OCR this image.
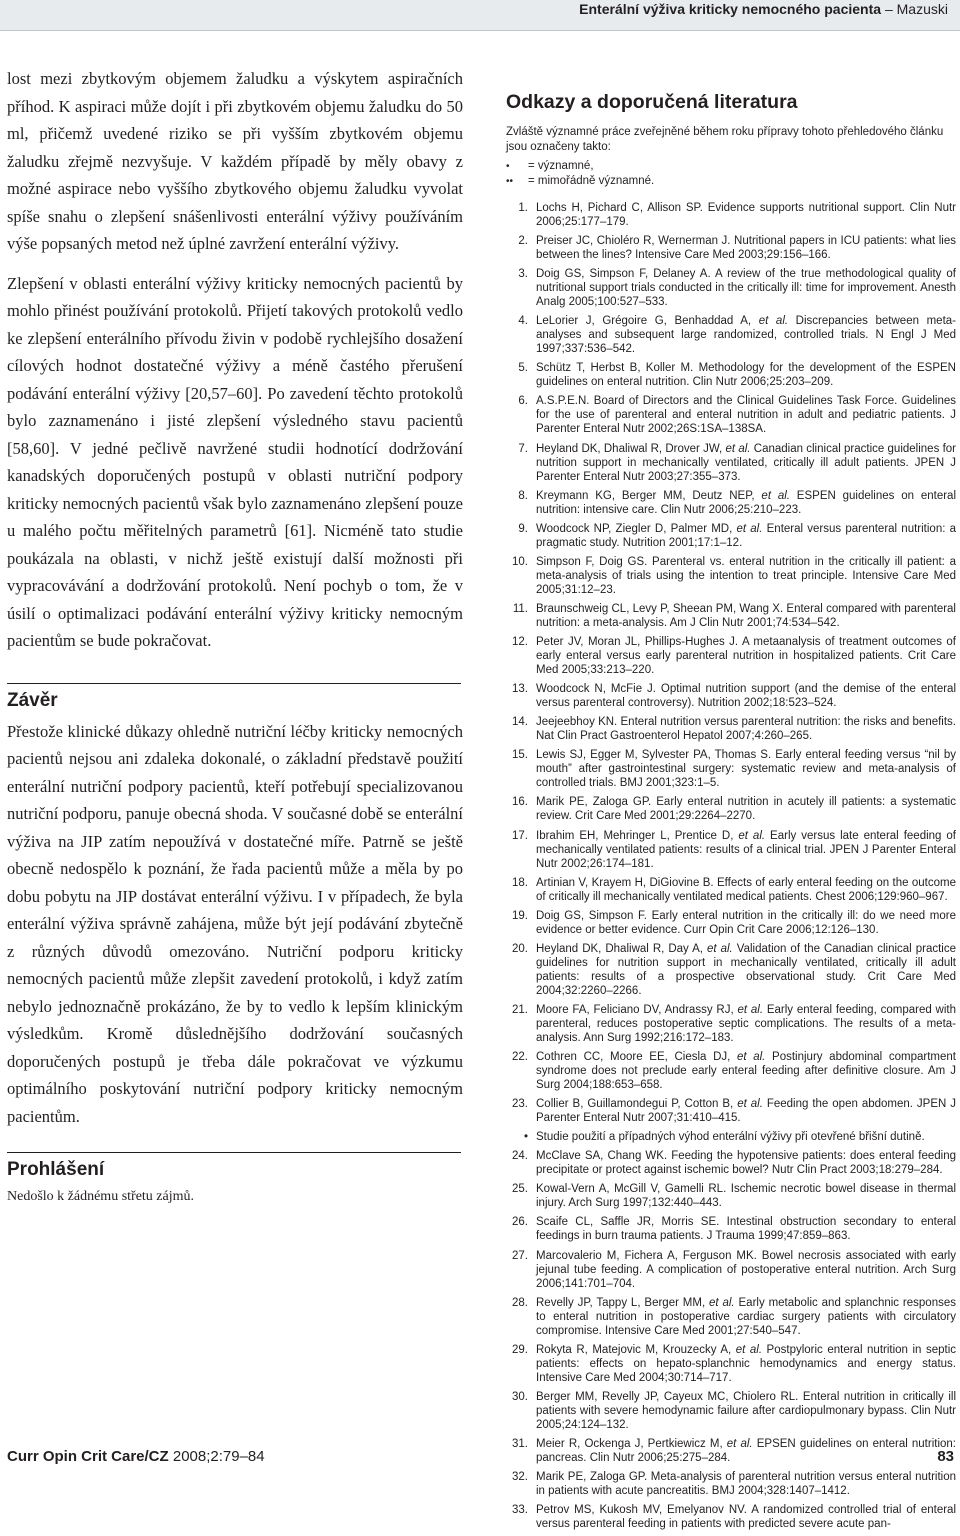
Enterální výživa kriticky nemocného pacienta – Mazuski

lost mezi zbytkovým objemem žaludku a výskytem aspiračních příhod. K aspiraci může dojít i při zbytkovém objemu žaludku do 50 ml, přičemž uvedené riziko se při vyšším zbytkovém objemu žaludku zřejmě nezvyšuje. V každém případě by měly obavy z možné aspirace nebo vyššího zbytkového objemu žaludku vyvolat spíše snahu o zlepšení snášenlivosti enterální výživy používáním výše popsaných metod než úplné zavržení enterální výživy.

Zlepšení v oblasti enterální výživy kriticky nemocných pacientů by mohlo přinést používání protokolů. Přijetí takových protokolů vedlo ke zlepšení enterálního přívodu živin v podobě rychlejšího dosažení cílových hodnot dostatečné výživy a méně častého přerušení podávání enterální výživy [20,57–60]. Po zavedení těchto protokolů bylo zaznamenáno i jisté zlepšení výsledného stavu pacientů [58,60]. V jedné pečlivě navržené studii hodnotící dodržování kanadských doporučených postupů v oblasti nutriční podpory kriticky nemocných pacientů však bylo zaznamenáno zlepšení pouze u malého počtu měřitelných parametrů [61]. Nicméně tato studie poukázala na oblasti, v nichž ještě existují další možnosti při vypracovávání a dodržování protokolů. Není pochyb o tom, že v úsilí o optimalizaci podávání enterální výživy kriticky nemocným pacientům se bude pokračovat.

Závěr

Přestože klinické důkazy ohledně nutriční léčby kriticky nemocných pacientů nejsou ani zdaleka dokonalé, o základní představě použití enterální nutriční podpory pacientů, kteří potřebují specializovanou nutriční podporu, panuje obecná shoda. V současné době se enterální výživa na JIP zatím nepoužívá v dostatečné míře. Patrně se ještě obecně nedospělo k poznání, že řada pacientů může a měla by po dobu pobytu na JIP dostávat enterální výživu. I v případech, že byla enterální výživa správně zahájena, může být její podávání zbytečně z různých důvodů omezováno. Nutriční podporu kriticky nemocných pacientů může zlepšit zavedení protokolů, i když zatím nebylo jednoznačně prokázáno, že by to vedlo k lepším klinickým výsledkům. Kromě důslednějšího dodržování současných doporučených postupů je třeba dále pokračovat ve výzkumu optimálního poskytování nutriční podpory kriticky nemocným pacientům.

Prohlášení

Nedošlo k žádnému střetu zájmů.

Odkazy a doporučená literatura

Zvláště významné práce zveřejněné během roku přípravy tohoto přehledového článku jsou označeny takto:

•	= významné,
••	= mimořádně významné.
1. Lochs H, Pichard C, Allison SP. Evidence supports nutritional support. Clin Nutr 2006;25:177–179.
2. Preiser JC, Chioléro R, Wernerman J. Nutritional papers in ICU patients: what lies between the lines? Intensive Care Med 2003;29:156–166.
3. Doig GS, Simpson F, Delaney A. A review of the true methodological quality of nutritional support trials conducted in the critically ill: time for improvement. Anesth Analg 2005;100:527–533.
4. LeLorier J, Grégoire G, Benhaddad A, et al. Discrepancies between meta-analyses and subsequent large randomized, controlled trials. N Engl J Med 1997;337:536–542.
5. Schütz T, Herbst B, Koller M. Methodology for the development of the ESPEN guidelines on enteral nutrition. Clin Nutr 2006;25:203–209.
6. A.S.P.E.N. Board of Directors and the Clinical Guidelines Task Force. Guidelines for the use of parenteral and enteral nutrition in adult and pediatric patients. J Parenter Enteral Nutr 2002;26S:1SA–138SA.
7. Heyland DK, Dhaliwal R, Drover JW, et al. Canadian clinical practice guidelines for nutrition support in mechanically ventilated, critically ill adult patients. JPEN J Parenter Enteral Nutr 2003;27:355–373.
8. Kreymann KG, Berger MM, Deutz NEP, et al. ESPEN guidelines on enteral nutrition: intensive care. Clin Nutr 2006;25:210–223.
9. Woodcock NP, Ziegler D, Palmer MD, et al. Enteral versus parenteral nutrition: a pragmatic study. Nutrition 2001;17:1–12.
10. Simpson F, Doig GS. Parenteral vs. enteral nutrition in the critically ill patient: a meta-analysis of trials using the intention to treat principle. Intensive Care Med 2005;31:12–23.
11. Braunschweig CL, Levy P, Sheean PM, Wang X. Enteral compared with parenteral nutrition: a meta-analysis. Am J Clin Nutr 2001;74:534–542.
12. Peter JV, Moran JL, Phillips-Hughes J. A metaanalysis of treatment outcomes of early enteral versus early parenteral nutrition in hospitalized patients. Crit Care Med 2005;33:213–220.
13. Woodcock N, McFie J. Optimal nutrition support (and the demise of the enteral versus parenteral controversy). Nutrition 2002;18:523–524.
14. Jeejeebhoy KN. Enteral nutrition versus parenteral nutrition: the risks and benefits. Nat Clin Pract Gastroenterol Hepatol 2007;4:260–265.
15. Lewis SJ, Egger M, Sylvester PA, Thomas S. Early enteral feeding versus “nil by mouth” after gastrointestinal surgery: systematic review and meta-analysis of controlled trials. BMJ 2001;323:1–5.
16. Marik PE, Zaloga GP. Early enteral nutrition in acutely ill patients: a systematic review. Crit Care Med 2001;29:2264–2270.
17. Ibrahim EH, Mehringer L, Prentice D, et al. Early versus late enteral feeding of mechanically ventilated patients: results of a clinical trial. JPEN J Parenter Enteral Nutr 2002;26:174–181.
18. Artinian V, Krayem H, DiGiovine B. Effects of early enteral feeding on the outcome of critically ill mechanically ventilated medical patients. Chest 2006;129:960–967.
19. Doig GS, Simpson F. Early enteral nutrition in the critically ill: do we need more evidence or better evidence. Curr Opin Crit Care 2006;12:126–130.
20. Heyland DK, Dhaliwal R, Day A, et al. Validation of the Canadian clinical practice guidelines for nutrition support in mechanically ventilated, critically ill adult patients: results of a prospective observational study. Crit Care Med 2004;32:2260–2266.
21. Moore FA, Feliciano DV, Andrassy RJ, et al. Early enteral feeding, compared with parenteral, reduces postoperative septic complications. The results of a meta-analysis. Ann Surg 1992;216:172–183.
22. Cothren CC, Moore EE, Ciesla DJ, et al. Postinjury abdominal compartment syndrome does not preclude early enteral feeding after definitive closure. Am J Surg 2004;188:653–658.
23. Collier B, Guillamondegui P, Cotton B, et al. Feeding the open abdomen. JPEN J Parenter Enteral Nutr 2007;31:410–415.
• Studie použití a případných výhod enterální výživy při otevřené břišní dutině.
24. McClave SA, Chang WK. Feeding the hypotensive patients: does enteral feeding precipitate or protect against ischemic bowel? Nutr Clin Pract 2003;18:279–284.
25. Kowal-Vern A, McGill V, Gamelli RL. Ischemic necrotic bowel disease in thermal injury. Arch Surg 1997;132:440–443.
26. Scaife CL, Saffle JR, Morris SE. Intestinal obstruction secondary to enteral feedings in burn trauma patients. J Trauma 1999;47:859–863.
27. Marcovalerio M, Fichera A, Ferguson MK. Bowel necrosis associated with early jejunal tube feeding. A complication of postoperative enteral nutrition. Arch Surg 2006;141:701–704.
28. Revelly JP, Tappy L, Berger MM, et al. Early metabolic and splanchnic responses to enteral nutrition in postoperative cardiac surgery patients with circulatory compromise. Intensive Care Med 2001;27:540–547.
29. Rokyta R, Matejovic M, Krouzecky A, et al. Postpyloric enteral nutrition in septic patients: effects on hepato-splanchnic hemodynamics and energy status. Intensive Care Med 2004;30:714–717.
30. Berger MM, Revelly JP, Cayeux MC, Chiolero RL. Enteral nutrition in critically ill patients with severe hemodynamic failure after cardiopulmonary bypass. Clin Nutr 2005;24:124–132.
31. Meier R, Ockenga J, Pertkiewicz M, et al. EPSEN guidelines on enteral nutrition: pancreas. Clin Nutr 2006;25:275–284.
32. Marik PE, Zaloga GP. Meta-analysis of parenteral nutrition versus enteral nutrition in patients with acute pancreatitis. BMJ 2004;328:1407–1412.
33. Petrov MS, Kukosh MV, Emelyanov NV. A randomized controlled trial of enteral versus parenteral feeding in patients with predicted severe acute pan-
Curr Opin Crit Care/CZ 2008;2:79–84	83
